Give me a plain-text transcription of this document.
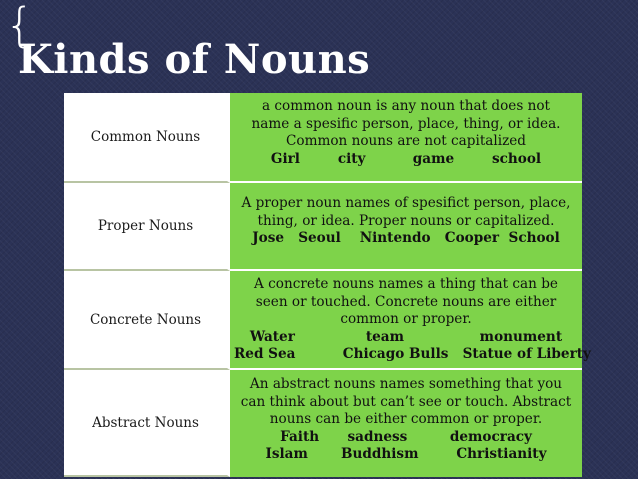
{
Kinds of Nouns
Common Nouns
a common noun is any noun that does not
name a spesific person, place, thing, or idea.
Common nouns are not capitalized
Girl        city          game        school
Proper Nouns
A proper noun names of spesifict person, place,
thing, or idea. Proper nouns or capitalized.
Jose   Seoul    Nintendo   Cooper  School
Concrete Nouns
A concrete nouns names a thing that can be
seen or touched. Concrete nouns are either
common or proper.
Water               team                monument
Red Sea          Chicago Bulls   Statue of Liberty
Abstract Nouns
An abstract nouns names something that you
can think about but can’t see or touch. Abstract
nouns can be either common or proper.
Faith      sadness         democracy
Islam       Buddhism        Christianity
